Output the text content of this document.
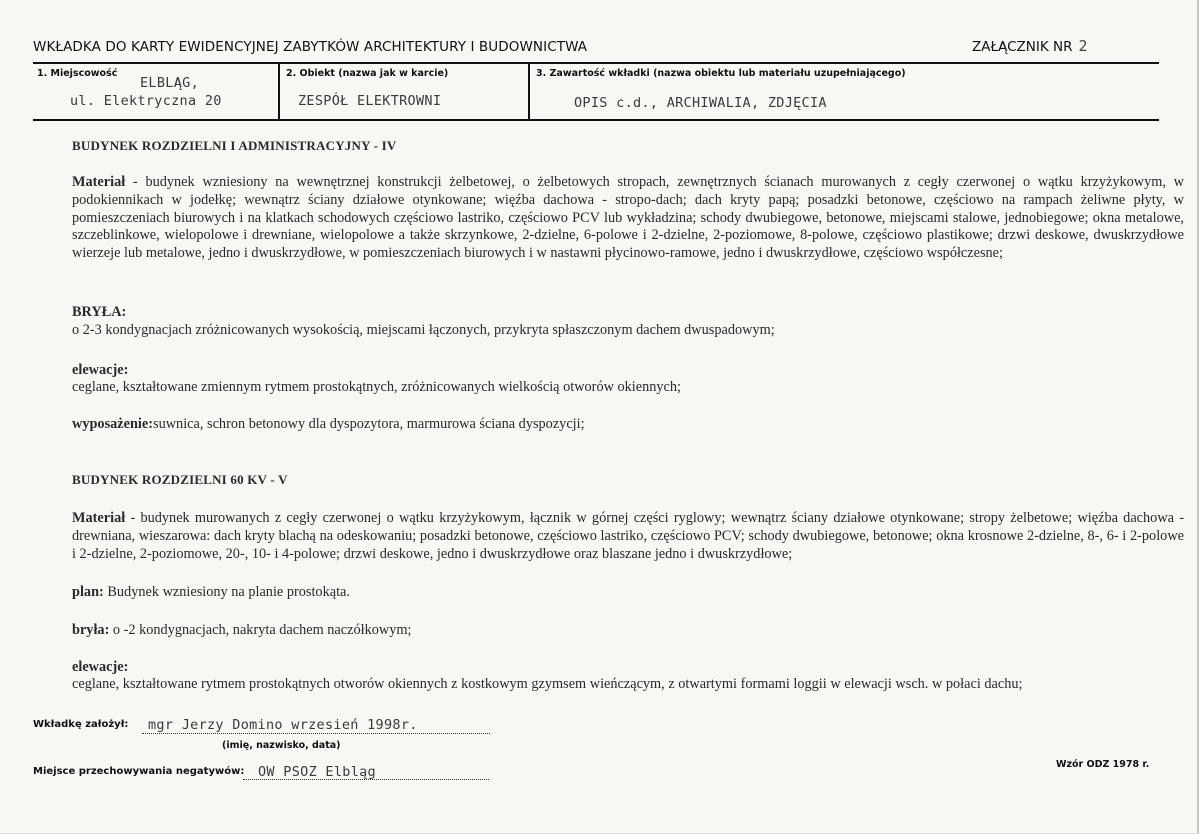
WKŁADKA DO KARTY EWIDENCYJNEJ ZABYTKÓW ARCHITEKTURY I BUDOWNICTWA	ZAŁĄCZNIK NR 2
1. Miejscowość
ELBLĄG,
ul. Elektryczna 20
2. Obiekt (nazwa jak w karcie)
ZESPÓŁ ELEKTROWNI
3. Zawartość wkładki (nazwa obiektu lub materiału uzupełniającego)
OPIS c.d., ARCHIWALIA, ZDJĘCIA
BUDYNEK ROZDZIELNI I ADMINISTRACYJNY - IV
Materiał - budynek wzniesiony na wewnętrznej konstrukcji żelbetowej, o żelbetowych stropach, zewnętrznych ścianach murowanych z cegły czerwonej o wątku krzyżykowym, w podokiennikach w jodełkę; wewnątrz ściany działowe otynkowane; więźba dachowa - stropo-dach; dach kryty papą; posadzki betonowe, częściowo na rampach żeliwne płyty, w pomieszczeniach biurowych i na klatkach schodowych częściowo lastriko, częściowo PCV lub wykładzina; schody dwubiegowe, betonowe, miejscami stalowe, jednobiegowe; okna metalowe, szczeblinkowe, wielopolowe i drewniane, wielopolowe a także skrzynkowe, 2-dzielne, 6-polowe i 2-dzielne, 2-poziomowe, 8-polowe, częściowo plastikowe; drzwi deskowe, dwuskrzydłowe wierzeje lub metalowe, jedno i dwuskrzydłowe, w pomieszczeniach biurowych i w nastawni płycinowo-ramowe, jedno i dwuskrzydłowe, częściowo współczesne;
BRYŁA:
o 2-3 kondygnacjach zróżnicowanych wysokością, miejscami łączonych, przykryta spłaszczonym dachem dwuspadowym;
elewacje:
ceglane, kształtowane zmiennym rytmem prostokątnych, zróżnicowanych wielkością otworów okiennych;
wyposażenie:suwnica, schron betonowy dla dyspozytora, marmurowa ściana dyspozycji;
BUDYNEK ROZDZIELNI 60 KV - V
Materiał - budynek murowanych z cegły czerwonej o wątku krzyżykowym, łącznik w górnej części ryglowy; wewnątrz ściany działowe otynkowane; stropy żelbetowe; więźba dachowa -drewniana, wieszarowa: dach kryty blachą na odeskowaniu; posadzki betonowe, częściowo lastriko, częściowo PCV; schody dwubiegowe, betonowe; okna krosnowe 2-dzielne, 8-, 6- i 2-polowe i 2-dzielne, 2-poziomowe, 20-, 10- i 4-polowe; drzwi deskowe, jedno i dwuskrzydłowe oraz blaszane jedno i dwuskrzydłowe;
plan: Budynek wzniesiony na planie prostokąta.
bryła: o -2 kondygnacjach, nakryta dachem naczółkowym;
elewacje:
ceglane, kształtowane rytmem prostokątnych otworów okiennych z kostkowym gzymsem wieńczącym, z otwartymi formami loggii w elewacji wsch. w połaci dachu;
Wkładkę założył: mgr Jerzy Domino wrzesień 1998r.
(imię, nazwisko, data)
Miejsce przechowywania negatywów: OW PSOZ Elbląg	Wzór ODZ 1978 r.
